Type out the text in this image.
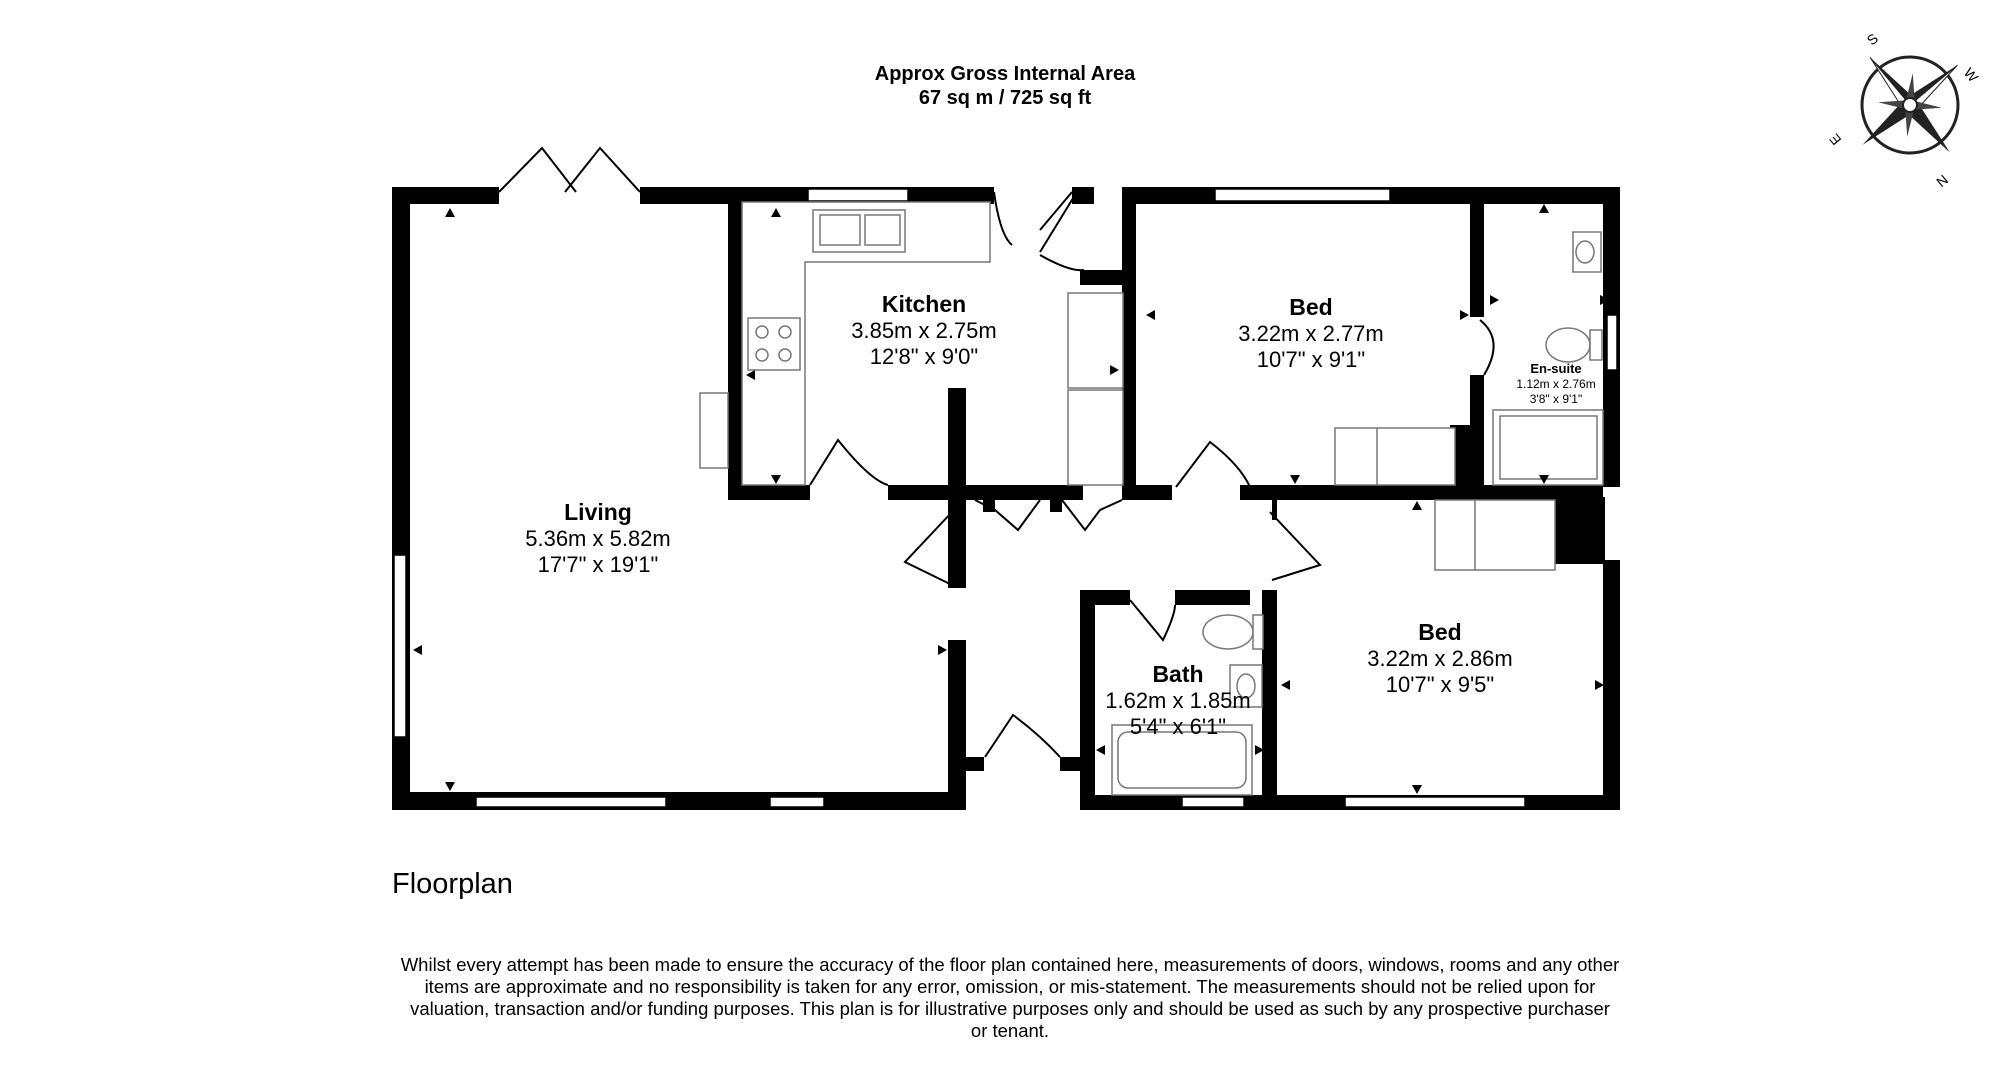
Approx Gross Internal Area
67 sq m / 725 sq ft
Living
5.36m x 5.82m
17'7" x 19'1"
Kitchen
3.85m x 2.75m
12'8" x 9'0"
Bed
3.22m x 2.77m
10'7" x 9'1"	En-suite
1.12m x 2.76m
3'8" x 9'1"
Bath
1.62m x 1.85m
5'4" x 6'1"
Bed
3.22m x 2.86m
10'7" x 9'5"
S
W
N
E
Floorplan
Whilst every attempt has been made to ensure the accuracy of the floor plan contained here, measurements of doors, windows, rooms and any other items are approximate and no responsibility is taken for any error, omission, or mis-statement. The measurements should not be relied upon for valuation, transaction and/or funding purposes. This plan is for illustrative purposes only and should be used as such by any prospective purchaser or tenant.
